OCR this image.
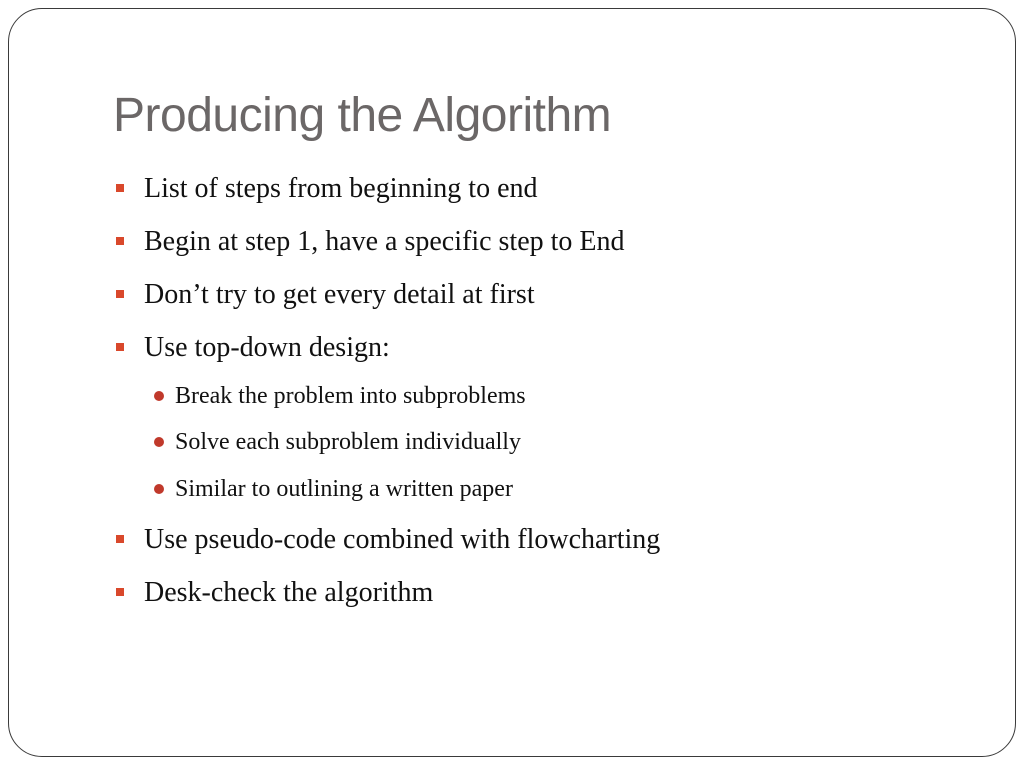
Producing the Algorithm
List of steps from beginning to end
Begin at step 1, have a specific step to End
Don’t try to get every detail at first
Use top-down design:
Break the problem into subproblems
Solve each subproblem individually
Similar to outlining a written paper
Use pseudo-code combined with flowcharting
Desk-check the algorithm
